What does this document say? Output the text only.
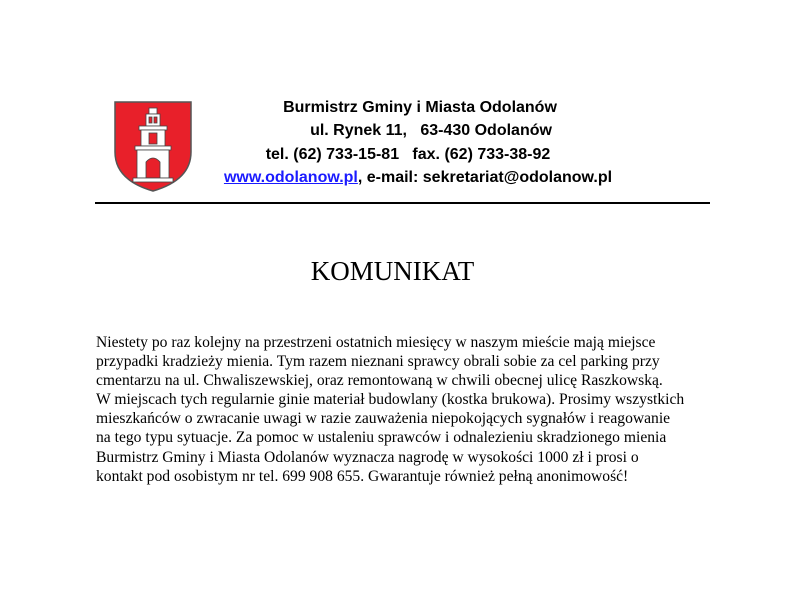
Burmistrz Gminy i Miasta Odolanów
ul. Rynek 11,   63-430 Odolanów
tel. (62) 733-15-81   fax. (62) 733-38-92
www.odolanow.pl, e-mail: sekretariat@odolanow.pl
KOMUNIKAT
Niestety po raz kolejny na przestrzeni ostatnich miesięcy w naszym mieście mają miejsce
przypadki kradzieży mienia. Tym razem nieznani sprawcy obrali sobie za cel parking przy
cmentarzu na ul. Chwaliszewskiej, oraz remontowaną w chwili obecnej ulicę Raszkowską.
W miejscach tych regularnie ginie materiał budowlany (kostka brukowa). Prosimy wszystkich
mieszkańców o zwracanie uwagi w razie zauważenia niepokojących sygnałów i reagowanie
na tego typu sytuacje. Za pomoc w ustaleniu sprawców i odnalezieniu skradzionego mienia
Burmistrz Gminy i Miasta Odolanów wyznacza nagrodę w wysokości 1000 zł i prosi o
kontakt pod osobistym nr tel. 699 908 655. Gwarantuje również pełną anonimowość!
